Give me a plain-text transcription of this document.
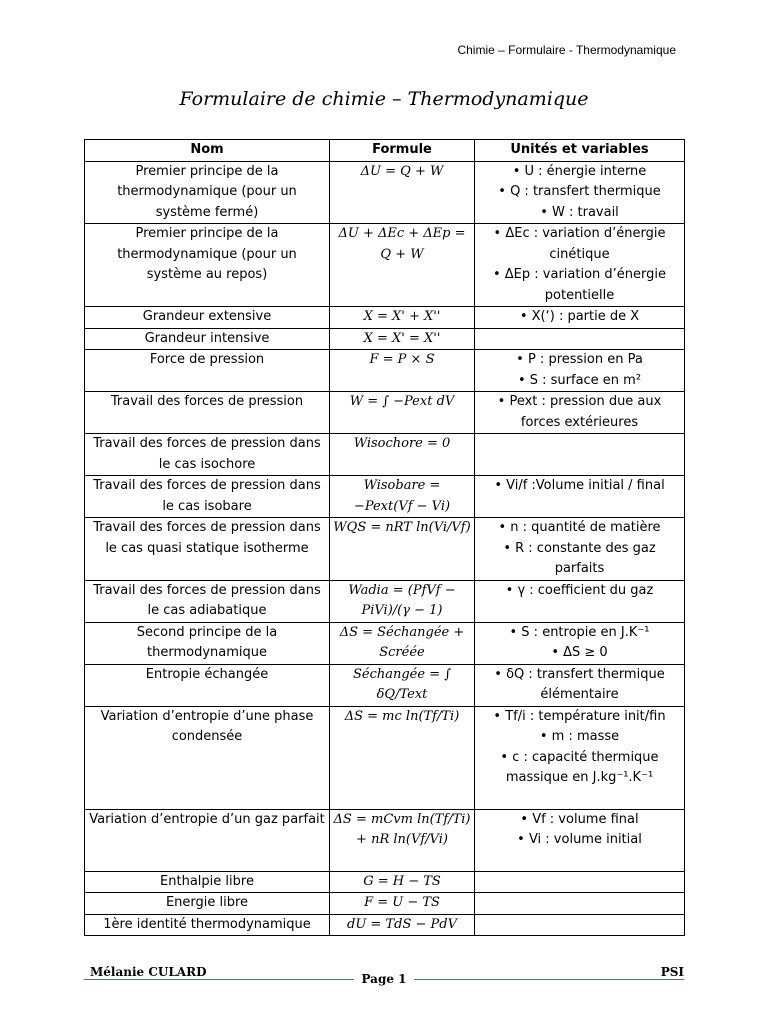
Chimie – Formulaire - Thermodynamique
Formulaire de chimie – Thermodynamique
Nom	Formule	Unités et variables
Premier principe de la thermodynamique (pour un système fermé)	ΔU = Q + W	• U : énergie interne
• Q : transfert thermique
• W : travail

Premier principe de la thermodynamique (pour un système au repos)	ΔU + ΔEc + ΔEp = Q + W	• ΔEc : variation d’énergie cinétique
• ΔEp : variation d’énergie potentielle

Grandeur extensive	X = X' + X''	• X(‘) : partie de X

Grandeur intensive	X = X' = X''	
Force de pression	F = P × S	• P : pression en Pa
• S : surface en m²

Travail des forces de pression	W = ∫ −Pext dV	• Pext : pression due aux forces extérieures

Travail des forces de pression dans le cas isochore	Wisochore = 0	
Travail des forces de pression dans le cas isobare	Wisobare = −Pext(Vf − Vi)	• Vi/f :Volume initial / final

Travail des forces de pression dans le cas quasi statique isotherme	WQS = nRT ln(Vi/Vf)	• n : quantité de matière
• R : constante des gaz parfaits

Travail des forces de pression dans le cas adiabatique	Wadia = (PfVf − PiVi)/(γ − 1)	• γ : coefficient du gaz

Second principe de la thermodynamique	ΔS = Séchangée + Scréée	• S : entropie en J.K⁻¹
• ΔS ≥ 0

Entropie échangée	Séchangée = ∫ δQ/Text	• δQ : transfert thermique élémentaire

Variation d’entropie d’une phase condensée	ΔS = mc ln(Tf/Ti)	• Tf/i : température init/fin
• m : masse
• c : capacité thermique massique en J.kg⁻¹.K⁻¹

Variation d’entropie d’un gaz parfait	ΔS = mCvm ln(Tf/Ti) + nR ln(Vf/Vi)	• Vf : volume final
• Vi : volume initial

Enthalpie libre	G = H − TS	
Energie libre	F = U − TS	
1ère identité thermodynamique	dU = TdS − PdV	
Mélanie CULARD	Page 1	PSI
